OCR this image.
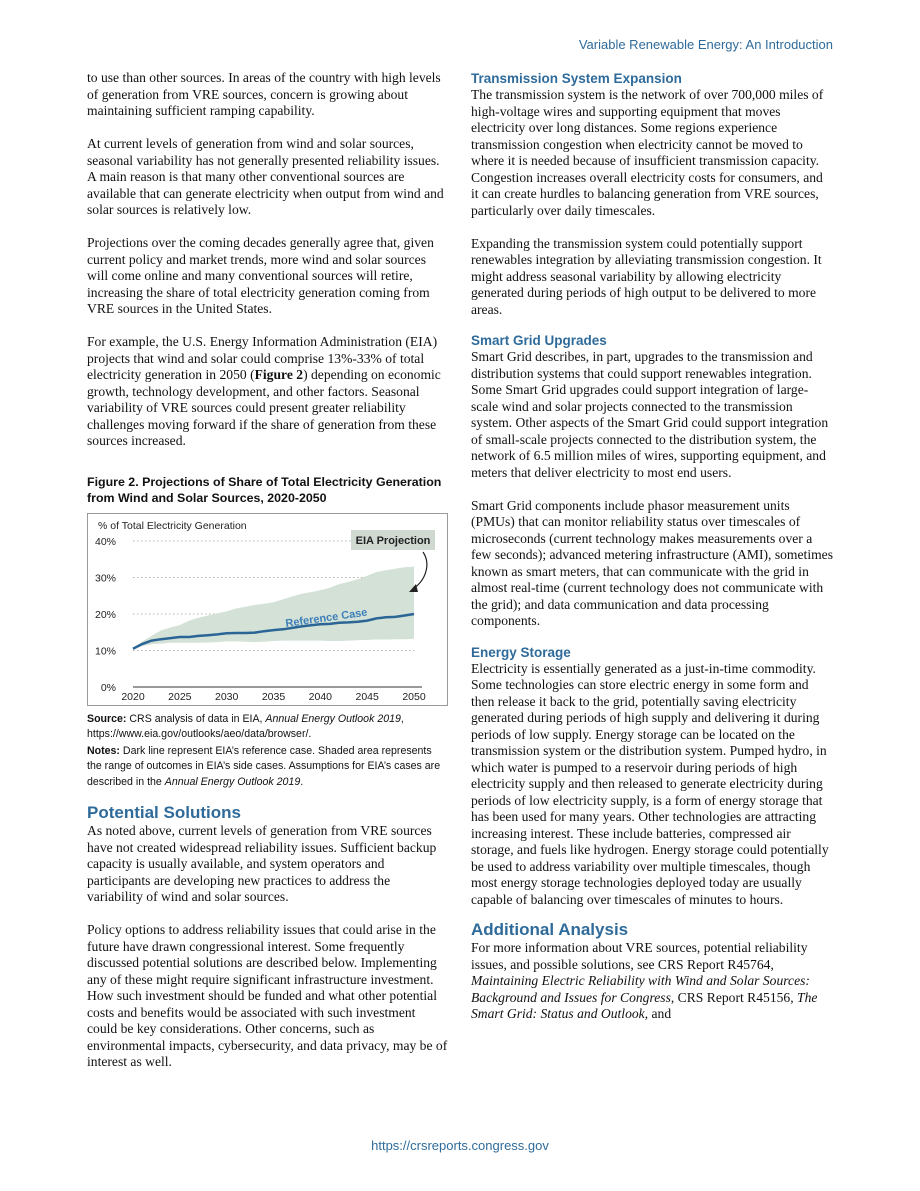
Variable Renewable Energy: An Introduction

to use than other sources. In areas of the country with high levels of generation from VRE sources, concern is growing about maintaining sufficient ramping capability.

At current levels of generation from wind and solar sources, seasonal variability has not generally presented reliability issues. A main reason is that many other conventional sources are available that can generate electricity when output from wind and solar sources is relatively low.

Projections over the coming decades generally agree that, given current policy and market trends, more wind and solar sources will come online and many conventional sources will retire, increasing the share of total electricity generation coming from VRE sources in the United States.

For example, the U.S. Energy Information Administration (EIA) projects that wind and solar could comprise 13%-33% of total electricity generation in 2050 (Figure 2) depending on economic growth, technology development, and other factors. Seasonal variability of VRE sources could present greater reliability challenges moving forward if the share of generation from these sources increased.

Figure 2. Projections of Share of Total Electricity Generation from Wind and Solar Sources, 2020-2050
0%
10%
20%
30%
40%
2020 2025 2030 2035 2040 2045 2050
% of Total Electricity Generation
Reference Case
EIA Projection

Source: CRS analysis of data in EIA, Annual Energy Outlook 2019, https://www.eia.gov/outlooks/aeo/data/browser/.

Notes: Dark line represent EIA’s reference case. Shaded area represents the range of outcomes in EIA’s side cases. Assumptions for EIA’s cases are described in the Annual Energy Outlook 2019.

Potential Solutions

As noted above, current levels of generation from VRE sources have not created widespread reliability issues. Sufficient backup capacity is usually available, and system operators and participants are developing new practices to address the variability of wind and solar sources.

Policy options to address reliability issues that could arise in the future have drawn congressional interest. Some frequently discussed potential solutions are described below. Implementing any of these might require significant infrastructure investment. How such investment should be funded and what other potential costs and benefits would be associated with such investment could be key considerations. Other concerns, such as environmental impacts, cybersecurity, and data privacy, may be of interest as well.

Transmission System Expansion

The transmission system is the network of over 700,000 miles of high-voltage wires and supporting equipment that moves electricity over long distances. Some regions experience transmission congestion when electricity cannot be moved to where it is needed because of insufficient transmission capacity. Congestion increases overall electricity costs for consumers, and it can create hurdles to balancing generation from VRE sources, particularly over daily timescales.

Expanding the transmission system could potentially support renewables integration by alleviating transmission congestion. It might address seasonal variability by allowing electricity generated during periods of high output to be delivered to more areas.

Smart Grid Upgrades

Smart Grid describes, in part, upgrades to the transmission and distribution systems that could support renewables integration. Some Smart Grid upgrades could support integration of large-scale wind and solar projects connected to the transmission system. Other aspects of the Smart Grid could support integration of small-scale projects connected to the distribution system, the network of 6.5 million miles of wires, supporting equipment, and meters that deliver electricity to most end users.

Smart Grid components include phasor measurement units (PMUs) that can monitor reliability status over timescales of microseconds (current technology makes measurements over a few seconds); advanced metering infrastructure (AMI), sometimes known as smart meters, that can communicate with the grid in almost real-time (current technology does not communicate with the grid); and data communication and data processing components.

Energy Storage

Electricity is essentially generated as a just-in-time commodity. Some technologies can store electric energy in some form and then release it back to the grid, potentially saving electricity generated during periods of high supply and delivering it during periods of low supply. Energy storage can be located on the transmission system or the distribution system. Pumped hydro, in which water is pumped to a reservoir during periods of high electricity supply and then released to generate electricity during periods of low electricity supply, is a form of energy storage that has been used for many years. Other technologies are attracting increasing interest. These include batteries, compressed air storage, and fuels like hydrogen. Energy storage could potentially be used to address variability over multiple timescales, though most energy storage technologies deployed today are usually capable of balancing over timescales of minutes to hours.

Additional Analysis

For more information about VRE sources, potential reliability issues, and possible solutions, see CRS Report R45764, Maintaining Electric Reliability with Wind and Solar Sources: Background and Issues for Congress, CRS Report R45156, The Smart Grid: Status and Outlook, and

https://crsreports.congress.gov
